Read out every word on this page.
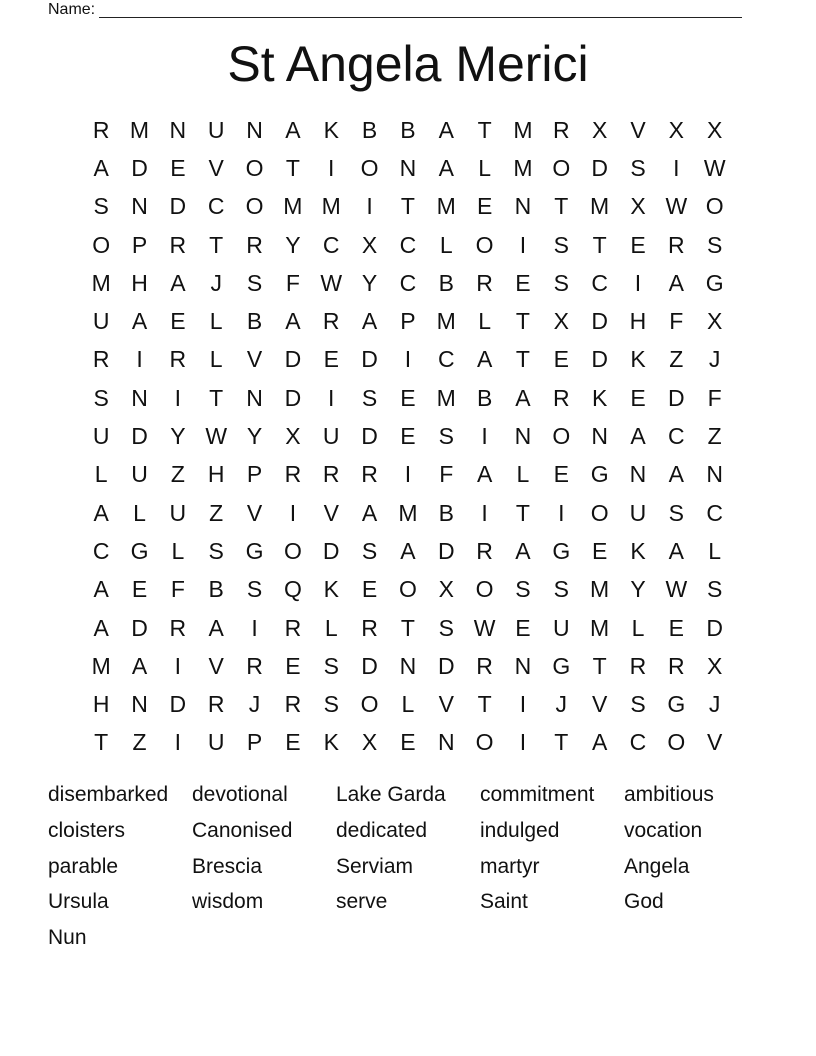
Name:
St Angela Merici
R M N U N A	K	B	B	A	T M R X	V	X	X
A D E	V O T	I	O N A	L M O D S	I	W
S N D C O M M	I	T M E N	T M X W O
O P R	T	R Y C X C	L	O	I	S	T	E R S
M H A	J	S	F W Y C B R E	S C	I	A G
U A	E	L	B	A R A	P M L	T	X D H	F	X
R	I	R	L	V D E D	I	C A	T	E D K	Z	J
S N	I	T	N D	I	S	E M B	A R K	E D	F
U D Y W Y	X U D E	S	I	N O N A C	Z
L	U	Z	H P R R R	I	F	A	L	E G N A N
A	L	U	Z	V	I	V	A M B	I	T	I	O U S C
C G	L	S G O D S	A D R A G E	K	A	L
A	E	F	B	S Q K	E O X O S	S M Y W S
A D R A	I	R	L	R	T	S W E U M L	E D
M A	I	V R E	S D N D R N G T	R R X
H N D R	J	R S O	L	V	T	I	J	V	S G	J
T	Z	I	U P	E	K	X	E N O	I	T	A C O V
disembarked	devotional	Lake Garda	commitment	ambitious
cloisters	Canonised	dedicated	indulged	vocation
parable	Brescia	Serviam	martyr	Angela
Ursula	wisdom	serve	Saint	God
Nun
